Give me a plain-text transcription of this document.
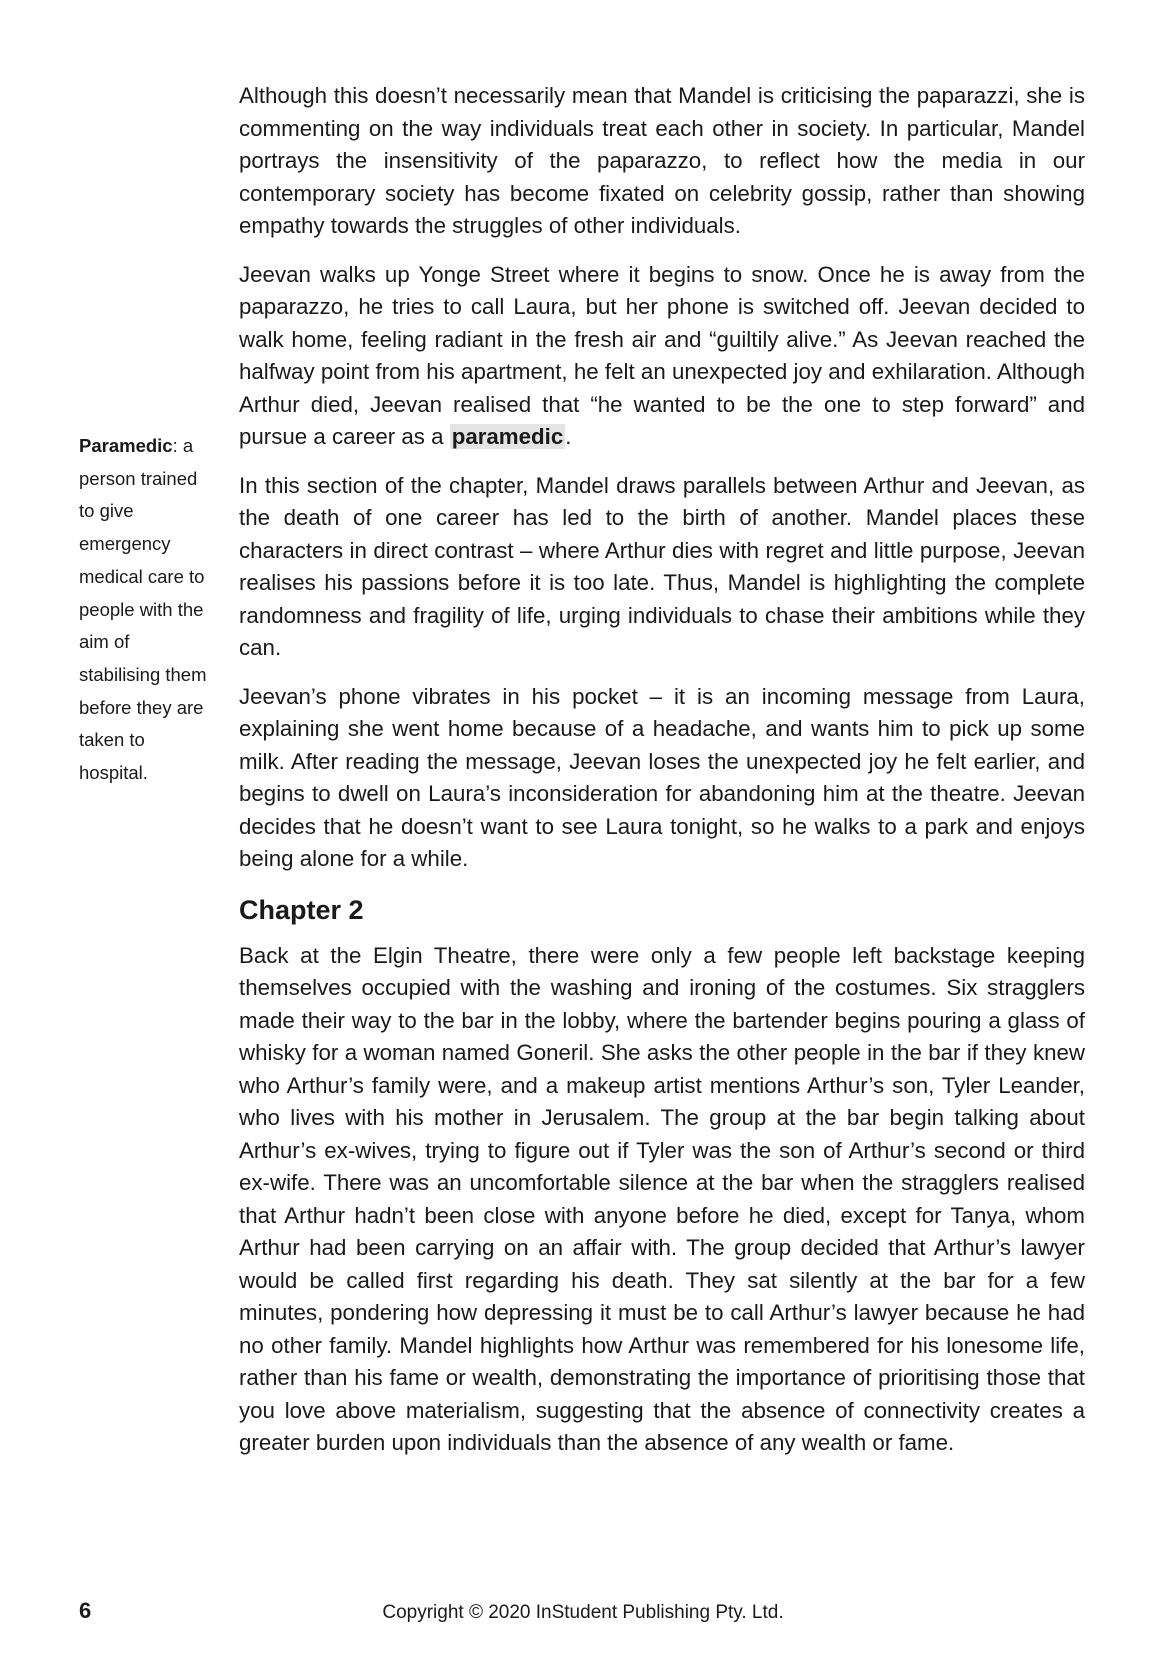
Although this doesn’t necessarily mean that Mandel is criticising the paparazzi, she is commenting on the way individuals treat each other in society. In particular, Mandel portrays the insensitivity of the paparazzo, to reflect how the media in our contemporary society has become fixated on celebrity gossip, rather than showing empathy towards the struggles of other individuals.

Jeevan walks up Yonge Street where it begins to snow. Once he is away from the paparazzo, he tries to call Laura, but her phone is switched off. Jeevan decided to walk home, feeling radiant in the fresh air and “guiltily alive.” As Jeevan reached the halfway point from his apartment, he felt an unexpected joy and exhilaration. Although Arthur died, Jeevan realised that “he wanted to be the one to step forward” and pursue a career as a paramedic.

In this section of the chapter, Mandel draws parallels between Arthur and Jeevan, as the death of one career has led to the birth of another. Mandel places these characters in direct contrast – where Arthur dies with regret and little purpose, Jeevan realises his passions before it is too late. Thus, Mandel is highlighting the complete randomness and fragility of life, urging individuals to chase their ambitions while they can.

Jeevan’s phone vibrates in his pocket – it is an incoming message from Laura, explaining she went home because of a headache, and wants him to pick up some milk. After reading the message, Jeevan loses the unexpected joy he felt earlier, and begins to dwell on Laura’s inconsideration for abandoning him at the theatre. Jeevan decides that he doesn’t want to see Laura tonight, so he walks to a park and enjoys being alone for a while.

Chapter 2

Back at the Elgin Theatre, there were only a few people left backstage keeping themselves occupied with the washing and ironing of the costumes. Six stragglers made their way to the bar in the lobby, where the bartender begins pouring a glass of whisky for a woman named Goneril. She asks the other people in the bar if they knew who Arthur’s family were, and a makeup artist mentions Arthur’s son, Tyler Leander, who lives with his mother in Jerusalem. The group at the bar begin talking about Arthur’s ex-wives, trying to figure out if Tyler was the son of Arthur’s second or third ex-wife. There was an uncomfortable silence at the bar when the stragglers realised that Arthur hadn’t been close with anyone before he died, except for Tanya, whom Arthur had been carrying on an affair with. The group decided that Arthur’s lawyer would be called first regarding his death. They sat silently at the bar for a few minutes, pondering how depressing it must be to call Arthur’s lawyer because he had no other family. Mandel highlights how Arthur was remembered for his lonesome life, rather than his fame or wealth, demonstrating the importance of prioritising those that you love above materialism, suggesting that the absence of connectivity creates a greater burden upon individuals than the absence of any wealth or fame.

Paramedic: a person trained to give emergency medical care to people with the aim of stabilising them before they are taken to hospital.
6	Copyright © 2020 InStudent Publishing Pty. Ltd.
